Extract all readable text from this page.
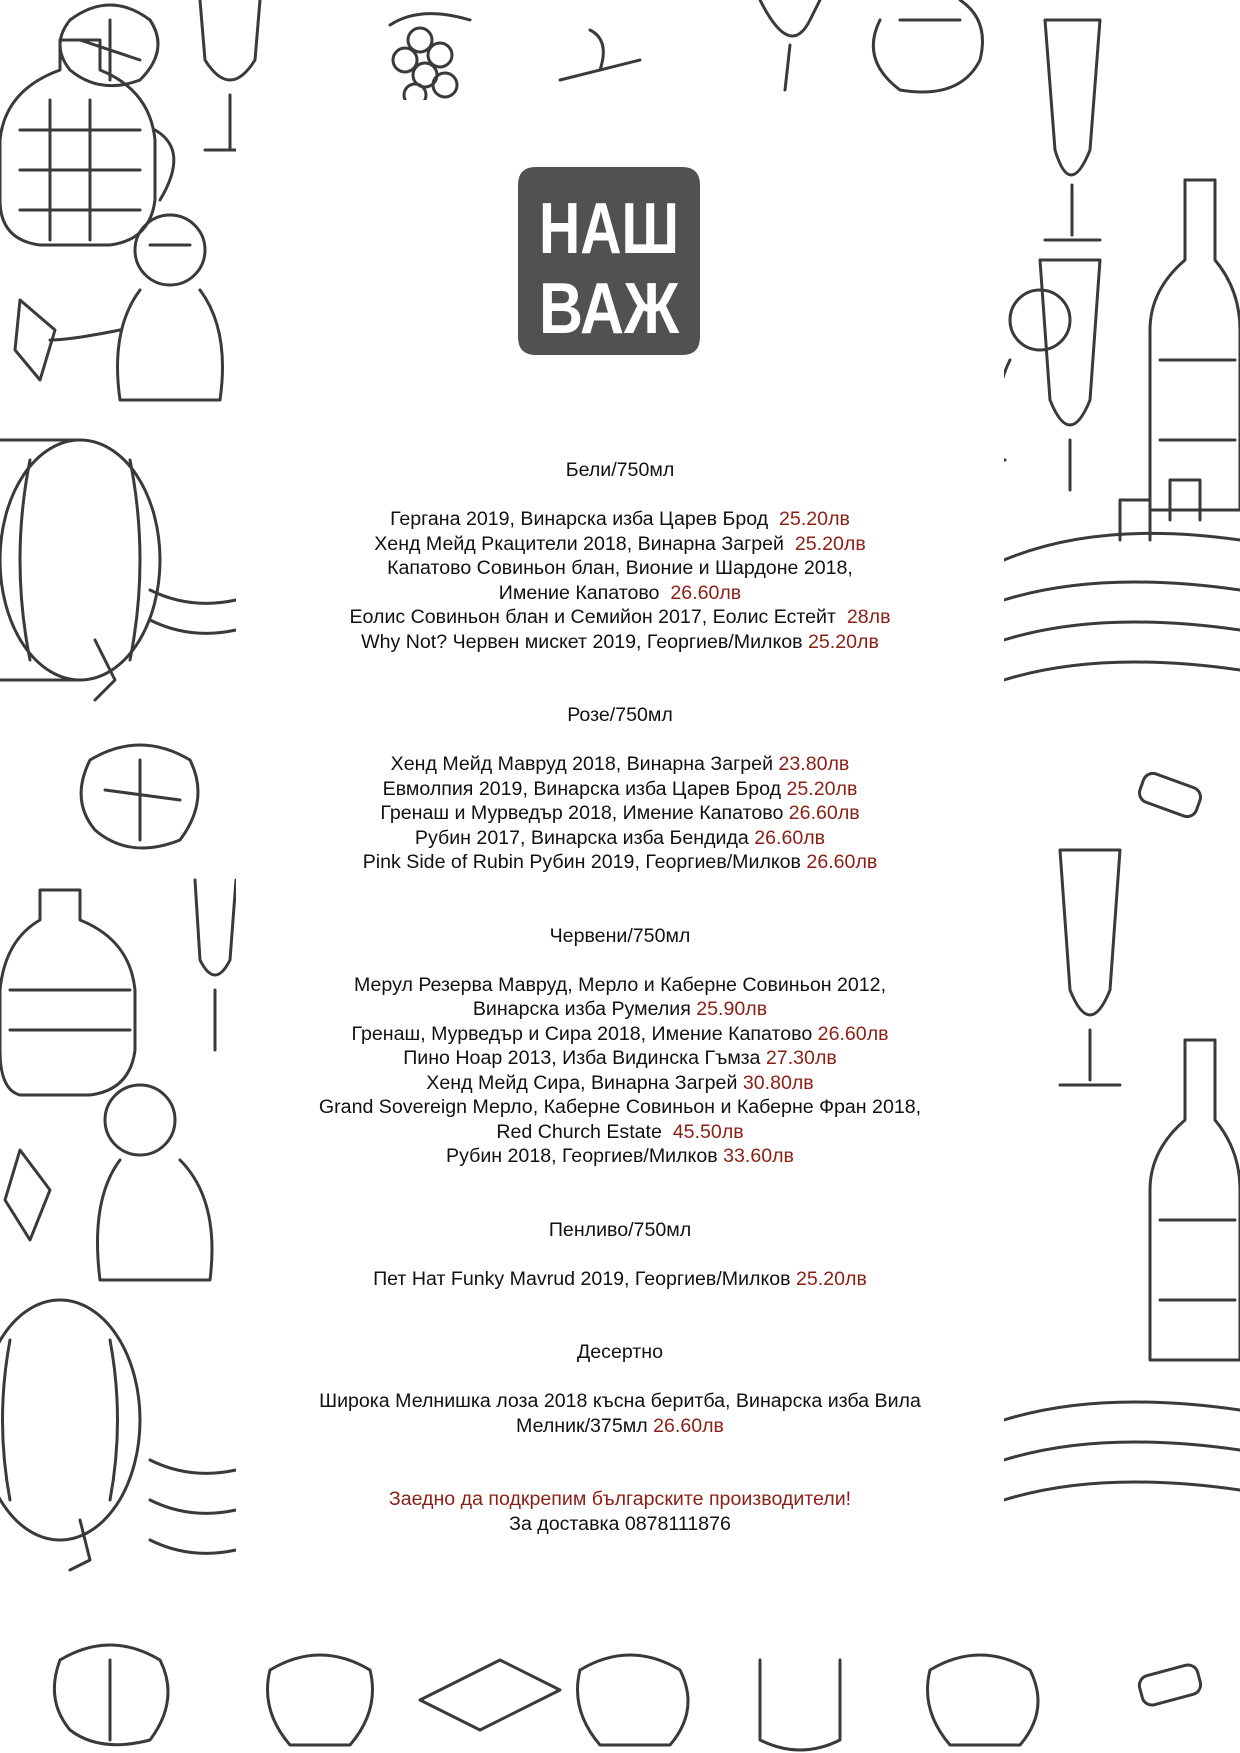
НАШ
ВАЖ
Бели/750мл
Гергана 2019, Винарска изба Царев Брод  25.20лв
Хенд Мейд Ркацители 2018, Винарна Загрей  25.20лв
Капатово Совиньон блан, Вионие и Шардоне 2018,
Имение Капатово  26.60лв
Еолис Совиньон блан и Семийон 2017, Еолис Естейт  28лв
Why Not? Червен мискет 2019, Георгиев/Милков 25.20лв
Розе/750мл
Хенд Мейд Мавруд 2018, Винарна Загрей 23.80лв
Евмолпия 2019, Винарска изба Царев Брод 25.20лв
Гренаш и Мурведър 2018, Имение Капатово 26.60лв
Рубин 2017, Винарска изба Бендида 26.60лв
Pink Side of Rubin Рубин 2019, Георгиев/Милков 26.60лв
Червени/750мл
Мерул Резерва Мавруд, Мерло и Каберне Совиньон 2012,
Винарска изба Румелия 25.90лв
Гренаш, Мурведър и Сира 2018, Имение Капатово 26.60лв
Пино Ноар 2013, Изба Видинска Гъмза 27.30лв
Хенд Мейд Сира, Винарна Загрей 30.80лв
Grand Sovereign Мерло, Каберне Совиньон и Каберне Фран 2018,
Red Church Estate  45.50лв
Рубин 2018, Георгиев/Милков 33.60лв
Пенливо/750мл
Пет Нат Funky Mavrud 2019, Георгиев/Милков 25.20лв
Десертно
Широка Мелнишка лоза 2018 късна беритба, Винарска изба Вила
Мелник/375мл 26.60лв
Заедно да подкрепим българските производители!
За доставка 0878111876
